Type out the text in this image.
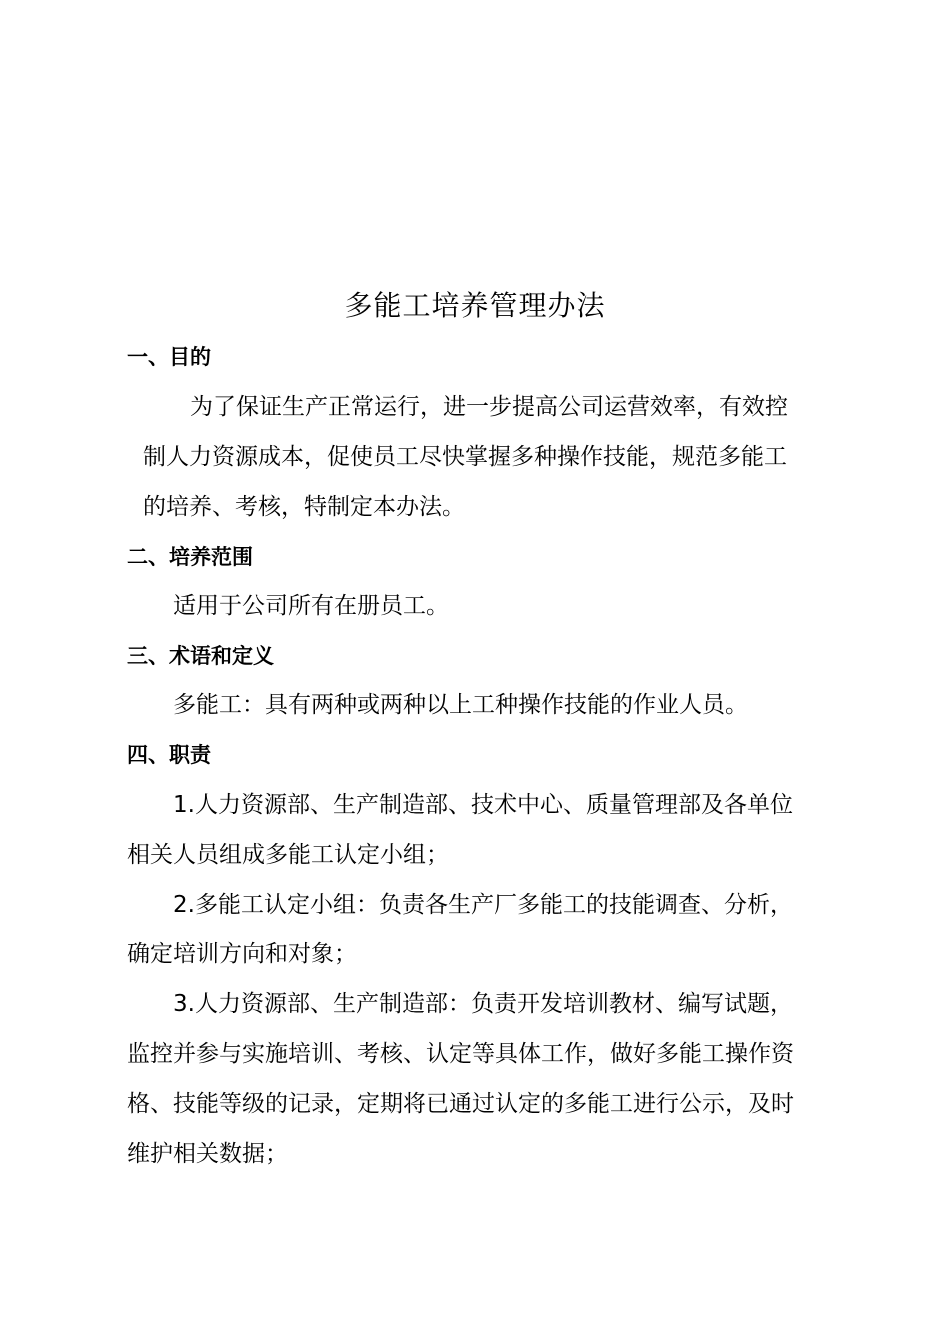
多能工培养管理办法
一、目的
为了保证生产正常运行，进一步提高公司运营效率，有效控
制人力资源成本，促使员工尽快掌握多种操作技能，规范多能工
的培养、考核，特制定本办法。
二、培养范围
适用于公司所有在册员工。
三、术语和定义
多能工：具有两种或两种以上工种操作技能的作业人员。
四、职责
1.人力资源部、生产制造部、技术中心、质量管理部及各单位
相关人员组成多能工认定小组；
2.多能工认定小组：负责各生产厂多能工的技能调查、分析，
确定培训方向和对象；
3.人力资源部、生产制造部：负责开发培训教材、编写试题，
监控并参与实施培训、考核、认定等具体工作，做好多能工操作资
格、技能等级的记录，定期将已通过认定的多能工进行公示，及时
维护相关数据；
